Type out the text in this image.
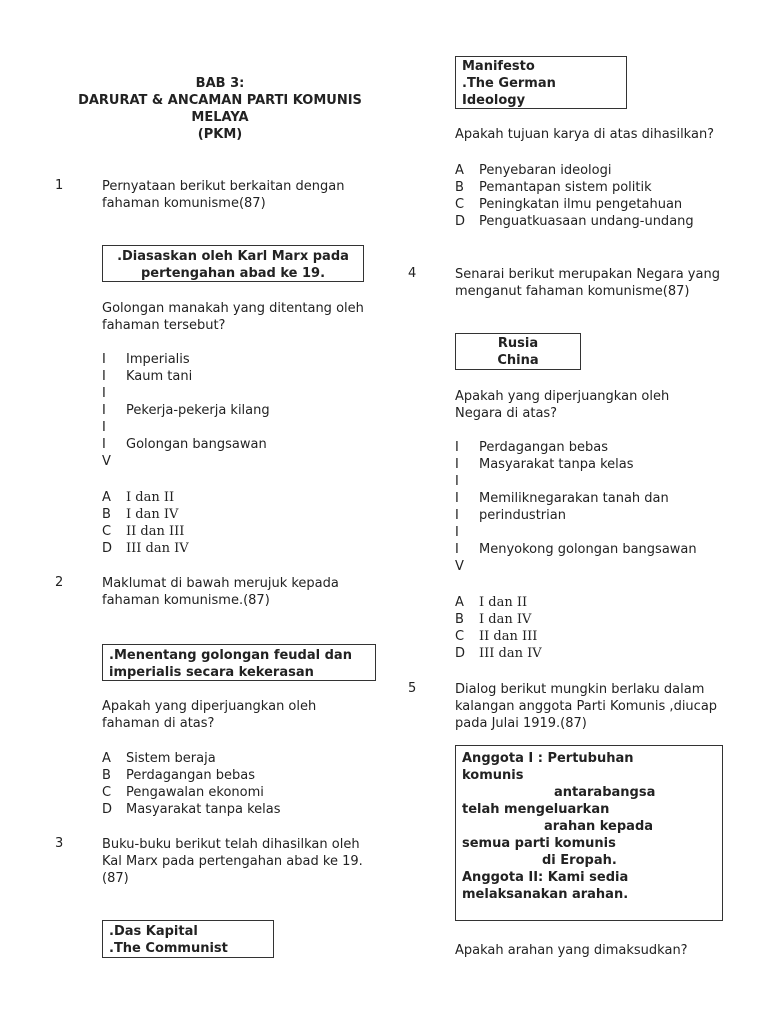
BAB 3:
DARURAT & ANCAMAN PARTI KOMUNIS
MELAYA
(PKM)
1	Pernyataan berikut berkaitan dengan
fahaman komunisme(87)
.Diasaskan oleh Karl Marx pada
pertengahan abad ke 19.
Golongan manakah yang ditentang oleh
fahaman tersebut?
I Imperialis
I Kaum tani
I
I Pekerja-pekerja kilang
I
I Golongan bangsawan
V
A I dan II
B I dan IV
C II dan III
D III dan IV
2	Maklumat di bawah merujuk kepada
fahaman komunisme.(87)
.Menentang golongan feudal dan
imperialis secara kekerasan
Apakah yang diperjuangkan oleh
fahaman di atas?
A Sistem beraja
B Perdagangan bebas
C Pengawalan ekonomi
D Masyarakat tanpa kelas
3	Buku-buku berikut telah dihasilkan oleh
Kal Marx pada pertengahan abad ke 19.
(87)
.Das Kapital
.The Communist
Manifesto
.The German
Ideology
Apakah tujuan karya di atas dihasilkan?
A Penyebaran ideologi
B Pemantapan sistem politik
C Peningkatan ilmu pengetahuan
D Penguatkuasaan undang-undang
4	Senarai berikut merupakan Negara yang
menganut fahaman komunisme(87)
Rusia
China
Apakah yang diperjuangkan oleh
Negara di atas?
I Perdagangan bebas
I Masyarakat tanpa kelas
I
I Memiliknegarakan tanah dan
I perindustrian
I
I Menyokong golongan bangsawan
V
A I dan II
B I dan IV
C II dan III
D III dan IV
5	Dialog berikut mungkin berlaku dalam
kalangan anggota Parti Komunis ,diucap
pada Julai 1919.(87)
Anggota I : Pertubuhan
komunis
antarabangsa
telah mengeluarkan
arahan kepada
semua parti komunis
di Eropah.
Anggota II: Kami sedia
melaksanakan arahan.
Apakah arahan yang dimaksudkan?
